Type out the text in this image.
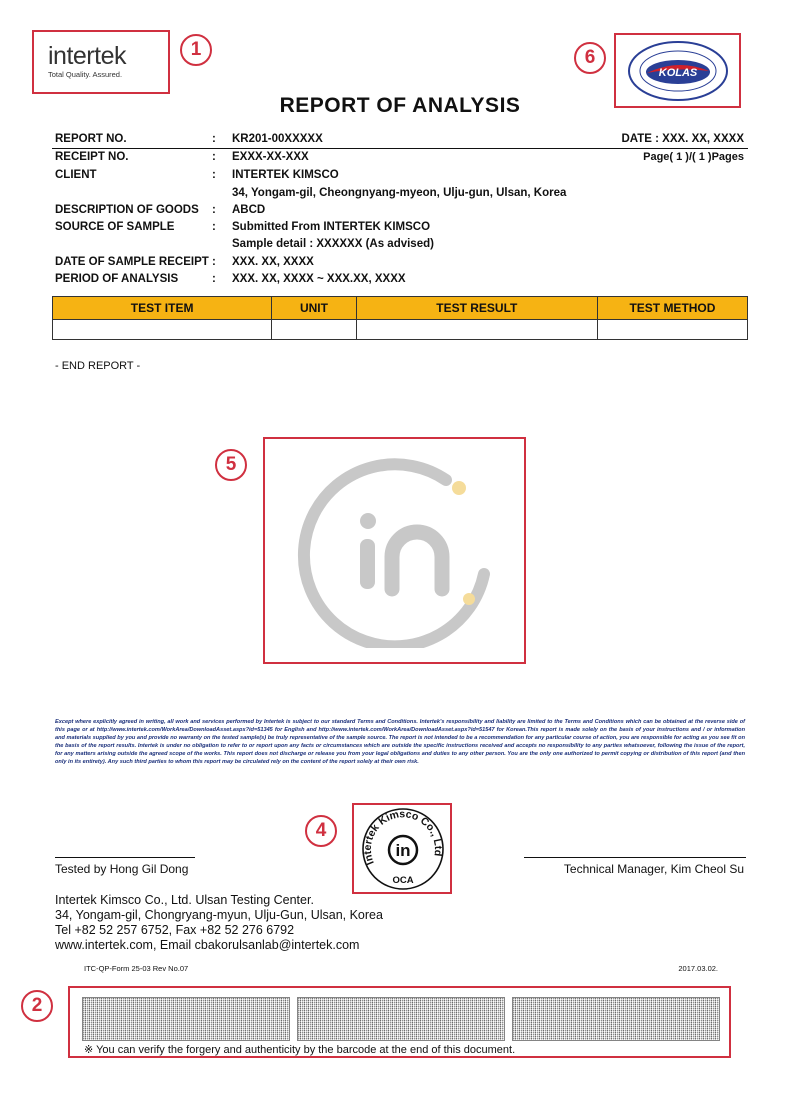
intertek
Total Quality. Assured.
1	6
KOLAS
REPORT OF ANALYSIS
REPORT NO.	: KR201-00XXXXX	DATE : XXX. XX, XXXX
RECEIPT NO.	: EXXX-XX-XXX	Page( 1 )/( 1 )Pages
CLIENT	: INTERTEK KIMSCO
34, Yongam-gil, Cheongnyang-myeon, Ulju-gun, Ulsan, Korea
DESCRIPTION OF GOODS : ABCD
SOURCE OF SAMPLE	: Submitted From INTERTEK KIMSCO
Sample detail : XXXXXX (As advised)
DATE OF SAMPLE RECEIPT : XXX. XX, XXXX
PERIOD OF ANALYSIS	: XXX. XX, XXXX ~ XXX.XX, XXXX
TEST ITEM	UNIT	TEST RESULT	TEST METHOD

- END REPORT -
5
Except where explicitly agreed in writing, all work and services performed by Intertek is subject to our standard Terms and Conditions. Intertek's responsibility and liability are limited to the Terms and Conditions which can be obtained at the reverse side of this page or at http://www.intertek.com/WorkArea/DownloadAsset.aspx?id=51345 for English and http://www.intertek.com/WorkArea/DownloadAsset.aspx?id=51547 for Korean.This report is made solely on the basis of your instructions and / or information and materials supplied by you and provide no warranty on the tested sample(s) be truly representative of the sample source. The report is not intended to be a recommendation for any particular course of action, you are responsible for acting as you see fit on the basis of the report results. Intertek is under no obligation to refer to or report upon any facts or circumstances which are outside the specific instructions received and accepts no responsibility to any parties whatsoever, following the issue of the report, for any matters arising outside the agreed scope of the works. This report does not discharge or release you from your legal obligations and duties to any other person. You are the only one authorized to permit copying or distribution of this report (and then only in its entirety). Any such third parties to whom this report may be circulated rely on the content of the report solely at their own risk.
4
Intertek Kimsco Co., Ltd
in
OCA
Tested by Hong Gil Dong	Technical Manager, Kim Cheol Su
Intertek Kimsco Co., Ltd. Ulsan Testing Center.
34, Yongam-gil, Chongryang-myun, Ulju-Gun, Ulsan, Korea
Tel +82 52 257 6752, Fax +82 52 276 6792
www.intertek.com, Email cbakorulsanlab@intertek.com
ITC-QP-Form 25-03 Rev No.07	2017.03.02.
2
※ You can verify the forgery and authenticity by the barcode at the end of this document.
